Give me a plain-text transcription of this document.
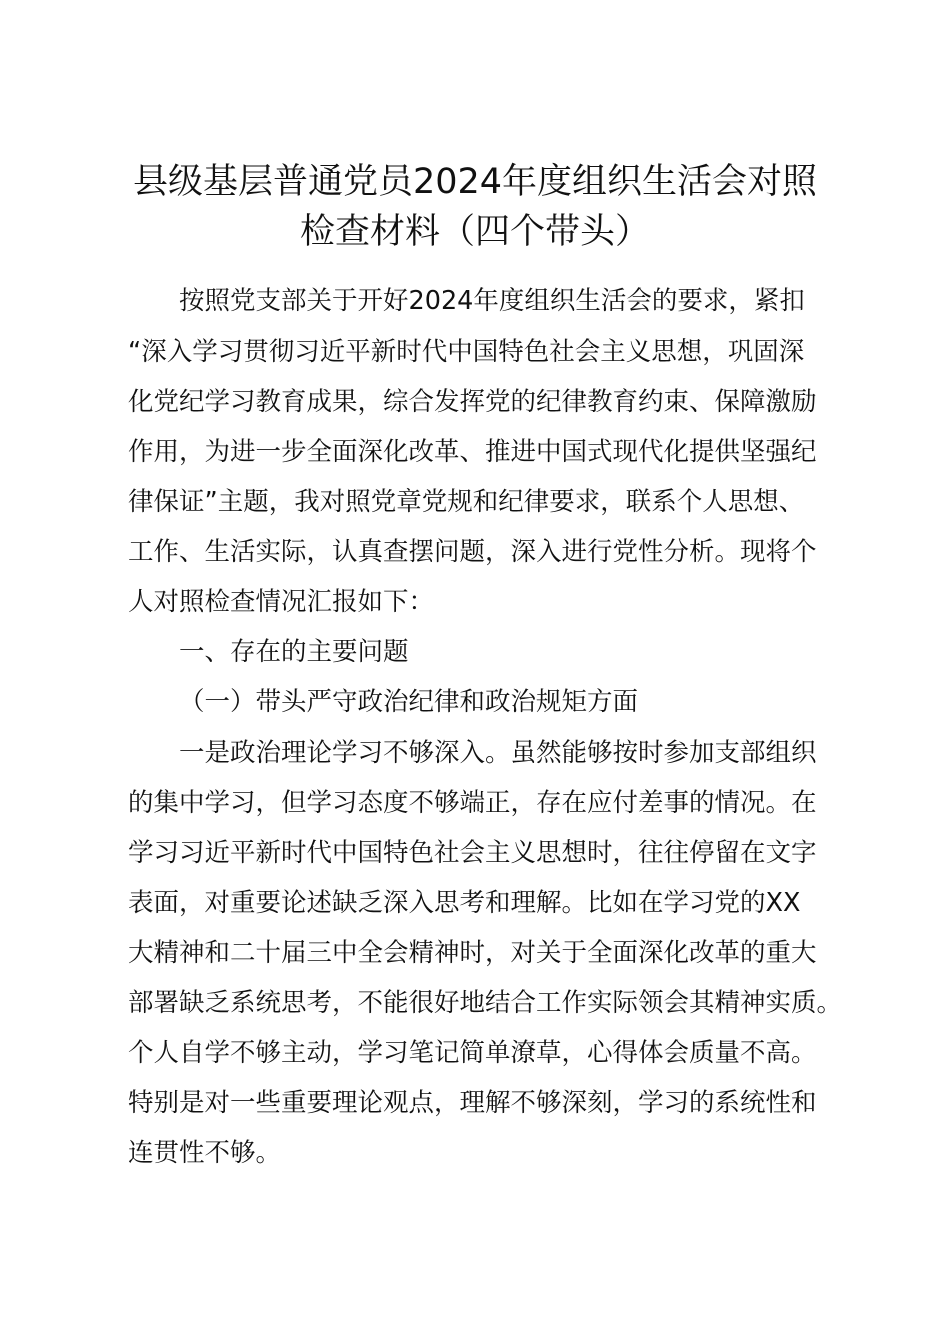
县级基层普通党员2024年度组织生活会对照
检查材料（四个带头）
按照党支部关于开好2024年度组织生活会的要求，紧扣
“深入学习贯彻习近平新时代中国特色社会主义思想，巩固深
化党纪学习教育成果，综合发挥党的纪律教育约束、保障激励
作用，为进一步全面深化改革、推进中国式现代化提供坚强纪
律保证”主题，我对照党章党规和纪律要求，联系个人思想、
工作、生活实际，认真查摆问题，深入进行党性分析。现将个
人对照检查情况汇报如下：
一、存在的主要问题
（一）带头严守政治纪律和政治规矩方面
一是政治理论学习不够深入。虽然能够按时参加支部组织
的集中学习，但学习态度不够端正，存在应付差事的情况。在
学习习近平新时代中国特色社会主义思想时，往往停留在文字
表面，对重要论述缺乏深入思考和理解。比如在学习党的XX
大精神和二十届三中全会精神时，对关于全面深化改革的重大
部署缺乏系统思考，不能很好地结合工作实际领会其精神实质。
个人自学不够主动，学习笔记简单潦草，心得体会质量不高。
特别是对一些重要理论观点，理解不够深刻，学习的系统性和
连贯性不够。
